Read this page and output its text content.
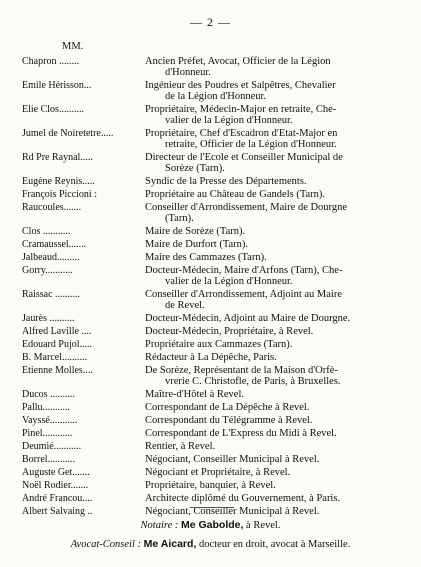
— 2 —
MM.
Chapron ........	Ancien Préfet, Avocat, Officier de la Légion
d'Honneur.
Emile Hérisson...	Ingénieur des Poudres et Salpêtres, Chevalier
de la Légion d'Honneur.
Elie Clos..........	Propriétaire, Médecin-Major en retraite, Che-
valier de la Légion d'Honneur.
Jumel de Noiretetre.....	Propriétaire, Chef d'Escadron d'Etat-Major en
retraite, Officier de la Légion d'Honneur.
Rd Pre Raynal.....	Directeur de l'Ecole et Conseiller Municipal de
Sorèze (Tarn).
Eugène Reynis.....	Syndic de la Presse des Départements.
François Piccioni :	Propriétaire au Château de Gandels (Tarn).
Raucoules.......	Conseiller d'Arrondissement, Maire de Dourgne
(Tarn).
Clos ...........	Maire de Sorèze (Tarn).
Cramaussel.......	Maire de Durfort (Tarn).
Jalbeaud.........	Maire des Cammazes (Tarn).
Gorry...........	Docteur-Médecin, Maire d'Arfons (Tarn), Che-
valier de la Légion d'Honneur.
Raissac ..........	Conseiller d'Arrondissement, Adjoint au Maire
de Revel.
Jaurès ..........	Docteur-Médecin, Adjoint au Maire de Dourgne.
Alfred Laville ....	Docteur-Médecin, Propriétaire, à Revel.
Edouard Pujol.....	Propriétaire aux Cammazes (Tarn).
B. Marcel..........	Rédacteur à La Dépêche, Paris.
Etienne Molles....	De Sorèze, Représentant de la Maison d'Orfè-
vrerie C. Christofle, de Paris, à Bruxelles.
Ducos ..........	Maître-d'Hôtel à Revel.
Pallu...........	Correspondant de La Dépêche à Revel.
Vayssé...........	Correspondant du Télégramme à Revel.
Pinel............	Correspondant de L'Express du Midi à Revel.
Deumié...........	Rentier, à Revel.
Borrel...........	Négociant, Conseiller Municipal à Revel.
Auguste Get.......	Négociant et Propriétaire, à Revel.
Noël Rodier.......	Propriétaire, banquier, à Revel.
André Francou....	Architecte diplômé du Gouvernement, à Paris.
Albert Salvaing ..	Négociant, Conseiller Municipal à Revel.
Notaire : Me Gabolde, à Revel.
Avocat-Conseil : Me Aicard, docteur en droit, avocat à Marseille.
